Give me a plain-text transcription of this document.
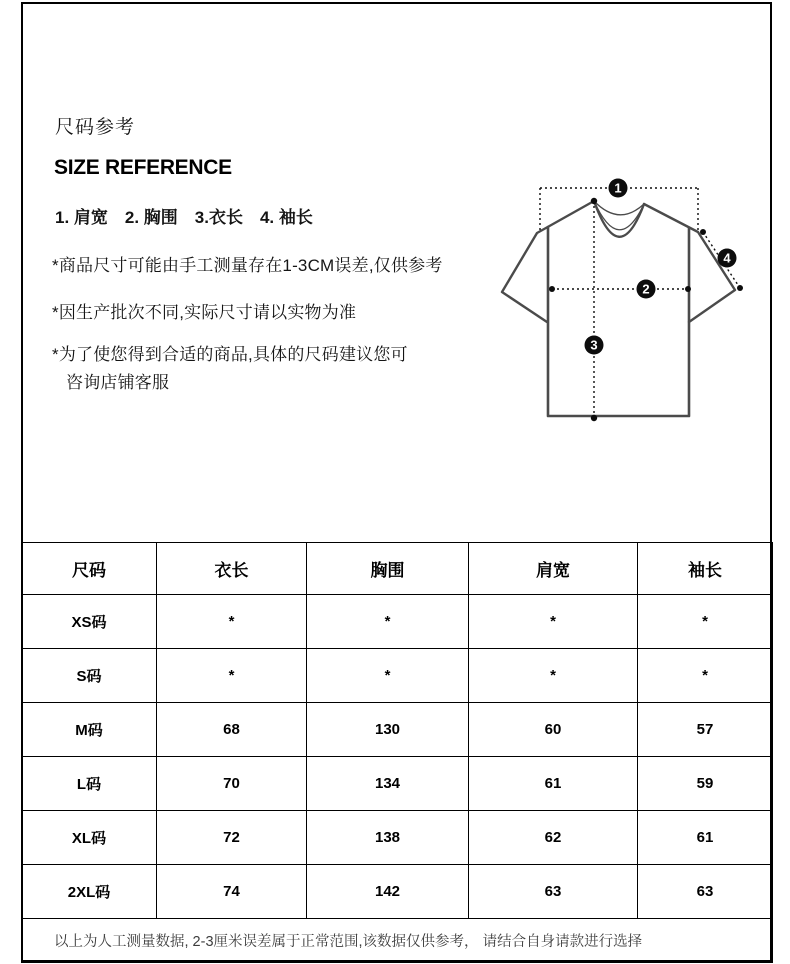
尺码参考
SIZE REFERENCE
1. 肩宽　2. 胸围　3.衣长　4. 袖长
*商品尺寸可能由手工测量存在1-3CM误差,仅供参考
*因生产批次不同,实际尺寸请以实物为准
*为了使您得到合适的商品,具体的尺码建议您可
咨询店铺客服
1
2
3
4
尺码	衣长	胸围	肩宽	袖长
XS码	*	*	*	*
S码	*	*	*	*
M码	68	130	60	57
L码	70	134	61	59
XL码	72	138	62	61
2XL码	74	142	63	63
以上为人工测量数据, 2-3厘米误差属于正常范围,该数据仅供参考， 请结合自身请款进行选择				
